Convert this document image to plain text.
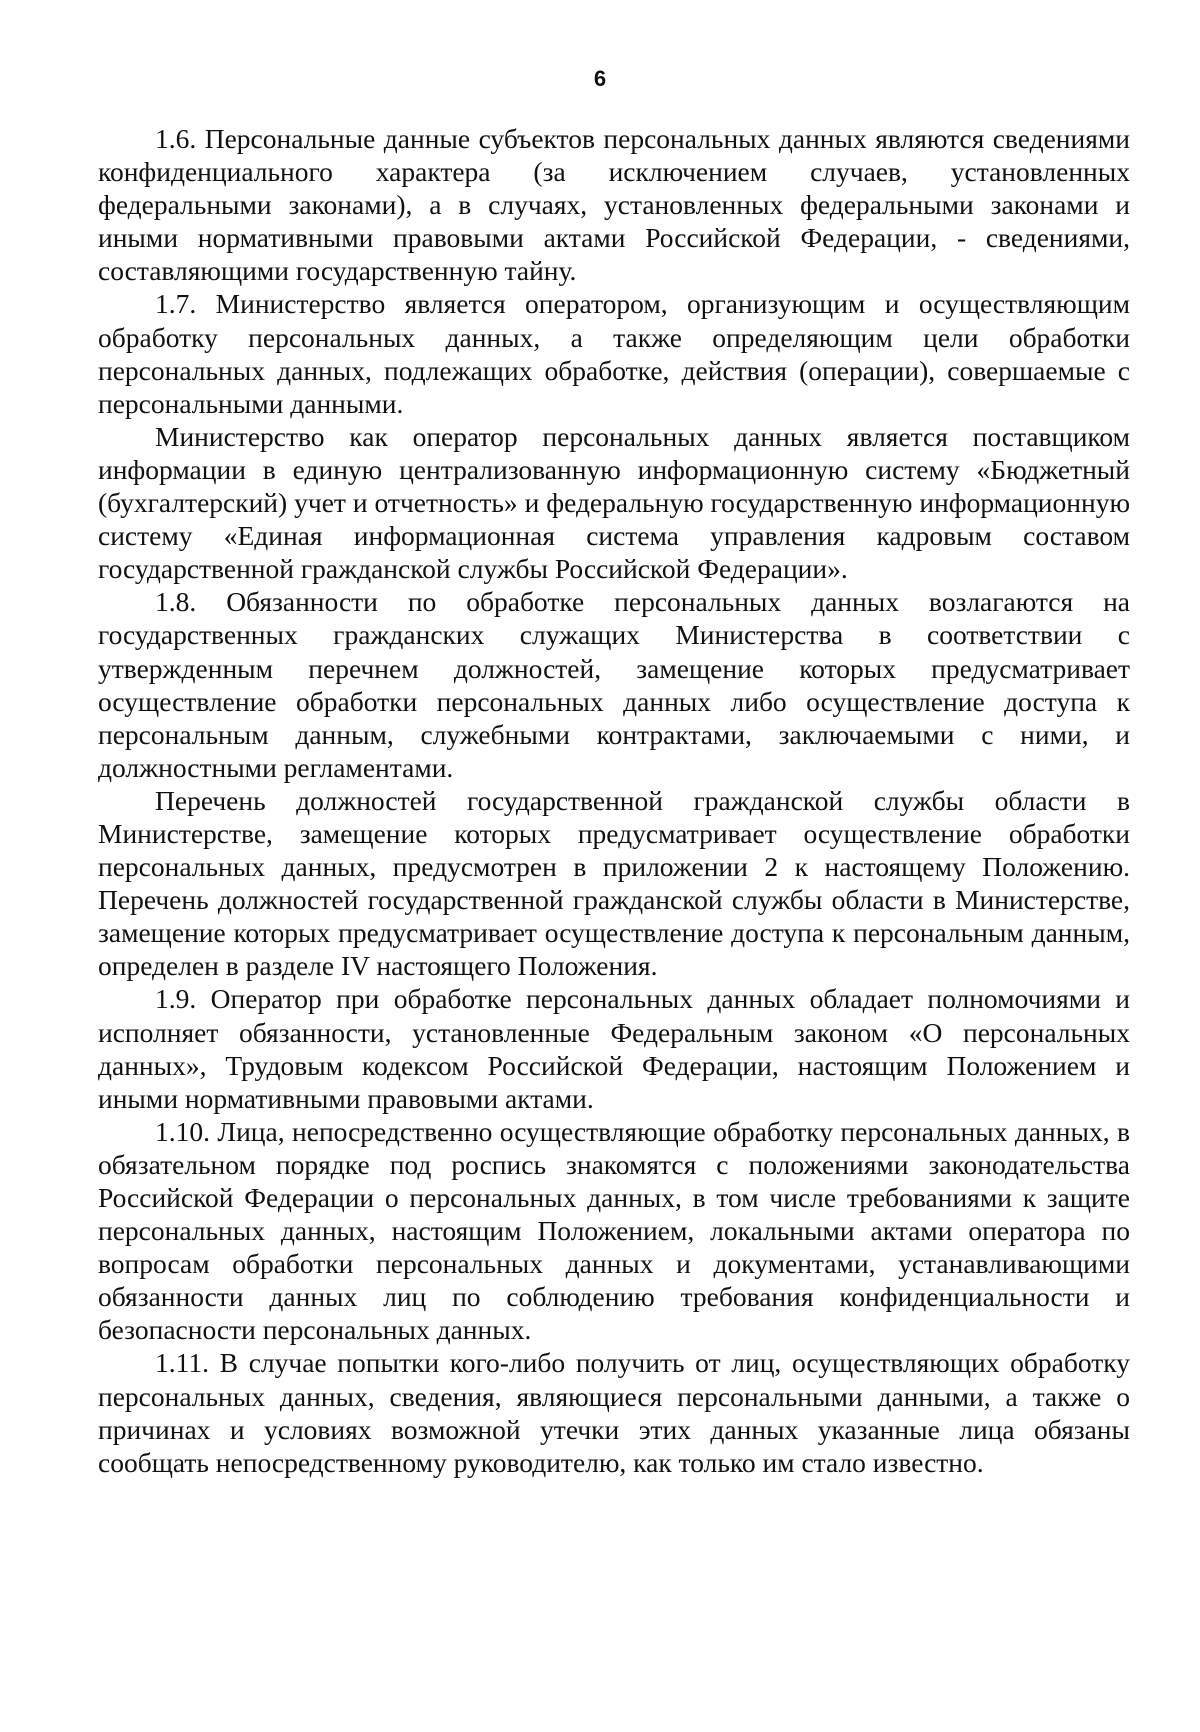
6

1.6. Персональные данные субъектов персональных данных являются сведениями конфиденциального характера (за исключением случаев, установленных федеральными законами), а в случаях, установленных федеральными законами и иными нормативными правовыми актами Российской Федерации, - сведениями, составляющими государственную тайну.

1.7. Министерство является оператором, организующим и осуществляющим обработку персональных данных, а также определяющим цели обработки персональных данных, подлежащих обработке, действия (операции), совершаемые с персональными данными.

Министерство как оператор персональных данных является поставщиком информации в единую централизованную информационную систему «Бюджетный (бухгалтерский) учет и отчетность» и федеральную государственную информационную систему «Единая информационная система управления кадровым составом государственной гражданской службы Российской Федерации».

1.8. Обязанности по обработке персональных данных возлагаются на государственных гражданских служащих Министерства в соответствии с утвержденным перечнем должностей, замещение которых предусматривает осуществление обработки персональных данных либо осуществление доступа к персональным данным, служебными контрактами, заключаемыми с ними, и должностными регламентами.

Перечень должностей государственной гражданской службы области в Министерстве, замещение которых предусматривает осуществление обработки персональных данных, предусмотрен в приложении 2 к настоящему Положению. Перечень должностей государственной гражданской службы области в Министерстве, замещение которых предусматривает осуществление доступа к персональным данным, определен в разделе IV настоящего Положения.

1.9. Оператор при обработке персональных данных обладает полномочиями и исполняет обязанности, установленные Федеральным законом «О персональных данных», Трудовым кодексом Российской Федерации, настоящим Положением и иными нормативными правовыми актами.

1.10. Лица, непосредственно осуществляющие обработку персональных данных, в обязательном порядке под роспись знакомятся с положениями законодательства Российской Федерации о персональных данных, в том числе требованиями к защите персональных данных, настоящим Положением, локальными актами оператора по вопросам обработки персональных данных и документами, устанавливающими обязанности данных лиц по соблюдению требования конфиденциальности и безопасности персональных данных.

1.11. В случае попытки кого-либо получить от лиц, осуществляющих обработку персональных данных, сведения, являющиеся персональными данными, а также о причинах и условиях возможной утечки этих данных указанные лица обязаны сообщать непосредственному руководителю, как только им стало известно.
